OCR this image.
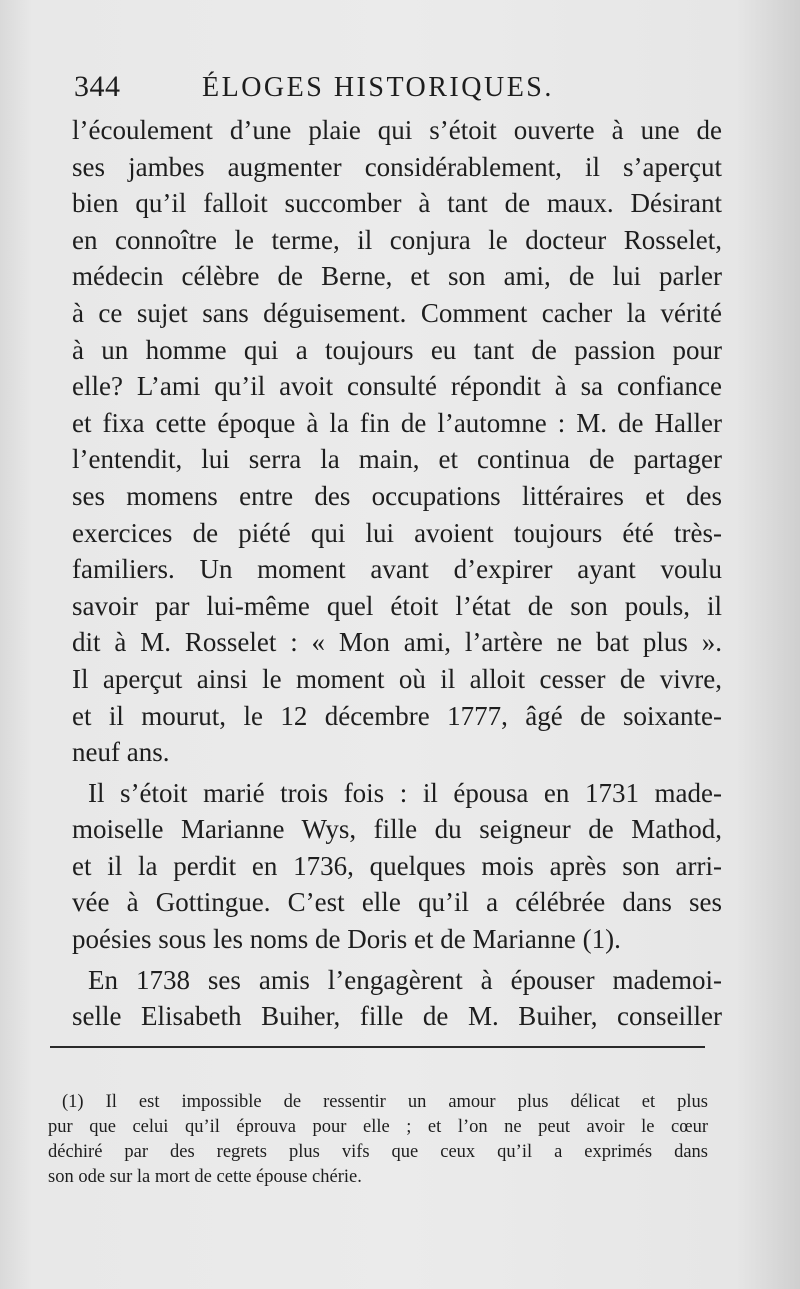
344	ÉLOGES HISTORIQUES.
l’écoulement d’une plaie qui s’étoit ouverte à une de
ses jambes augmenter considérablement, il s’aperçut
bien qu’il falloit succomber à tant de maux. Désirant
en connoître le terme, il conjura le docteur Rosselet,
médecin célèbre de Berne, et son ami, de lui parler
à ce sujet sans déguisement. Comment cacher la vérité
à un homme qui a toujours eu tant de passion pour
elle? L’ami qu’il avoit consulté répondit à sa confiance
et fixa cette époque à la fin de l’automne : M. de Haller
l’entendit, lui serra la main, et continua de partager
ses momens entre des occupations littéraires et des
exercices de piété qui lui avoient toujours été très-
familiers. Un moment avant d’expirer ayant voulu
savoir par lui-même quel étoit l’état de son pouls, il
dit à M. Rosselet : « Mon ami, l’artère ne bat plus ».
Il aperçut ainsi le moment où il alloit cesser de vivre,
et il mourut, le 12 décembre 1777, âgé de soixante-
neuf ans.
Il s’étoit marié trois fois : il épousa en 1731 made-
moiselle Marianne Wys, fille du seigneur de Mathod,
et il la perdit en 1736, quelques mois après son arri-
vée à Gottingue. C’est elle qu’il a célébrée dans ses
poésies sous les noms de Doris et de Marianne (1).
En 1738 ses amis l’engagèrent à épouser mademoi-
selle Elisabeth Buiher, fille de M. Buiher, conseiller
(1) Il est impossible de ressentir un amour plus délicat et plus
pur que celui qu’il éprouva pour elle ; et l’on ne peut avoir le cœur
déchiré par des regrets plus vifs que ceux qu’il a exprimés dans
son ode sur la mort de cette épouse chérie.
